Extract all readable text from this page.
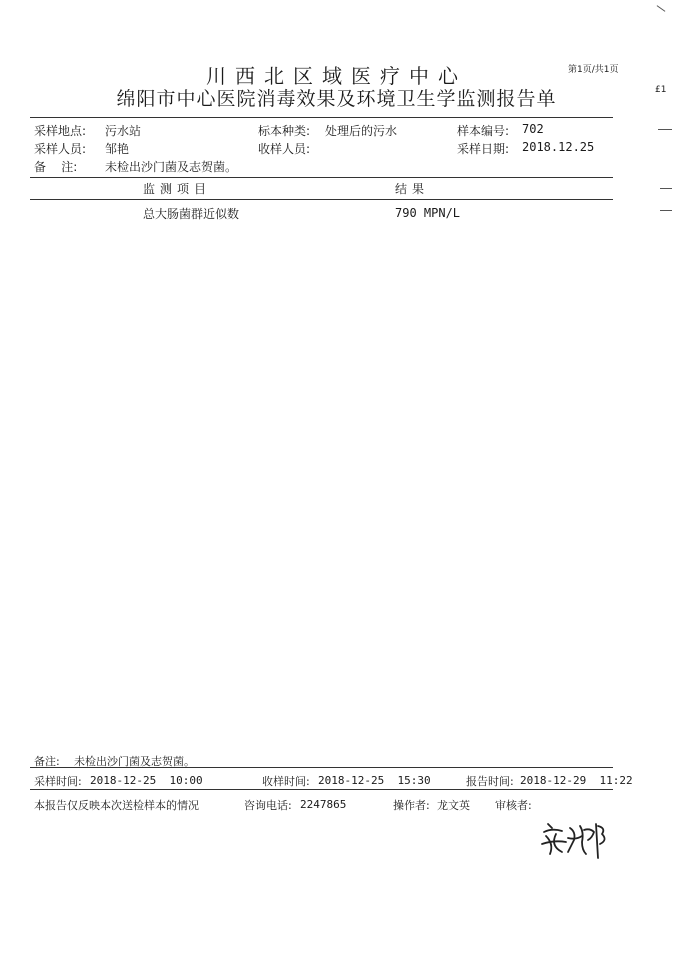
川西北区域医疗中心
绵阳市中心医院消毒效果及环境卫生学监测报告单
第1页/共1页
£1
采样地点: 污水站	标本种类: 处理后的污水	样本编号: 702
采样人员: 邹艳	收样人员:	采样日期: 2018.12.25
备    注: 未检出沙门菌及志贺菌。
监测项目	结果
总大肠菌群近似数	790 MPN/L
备注: 未检出沙门菌及志贺菌。
采样时间: 2018-12-25  10:00	收样时间: 2018-12-25  15:30	报告时间: 2018-12-29  11:22
本报告仅反映本次送检样本的情况	咨询电话: 2247865	操作者: 龙文英 审核者:
